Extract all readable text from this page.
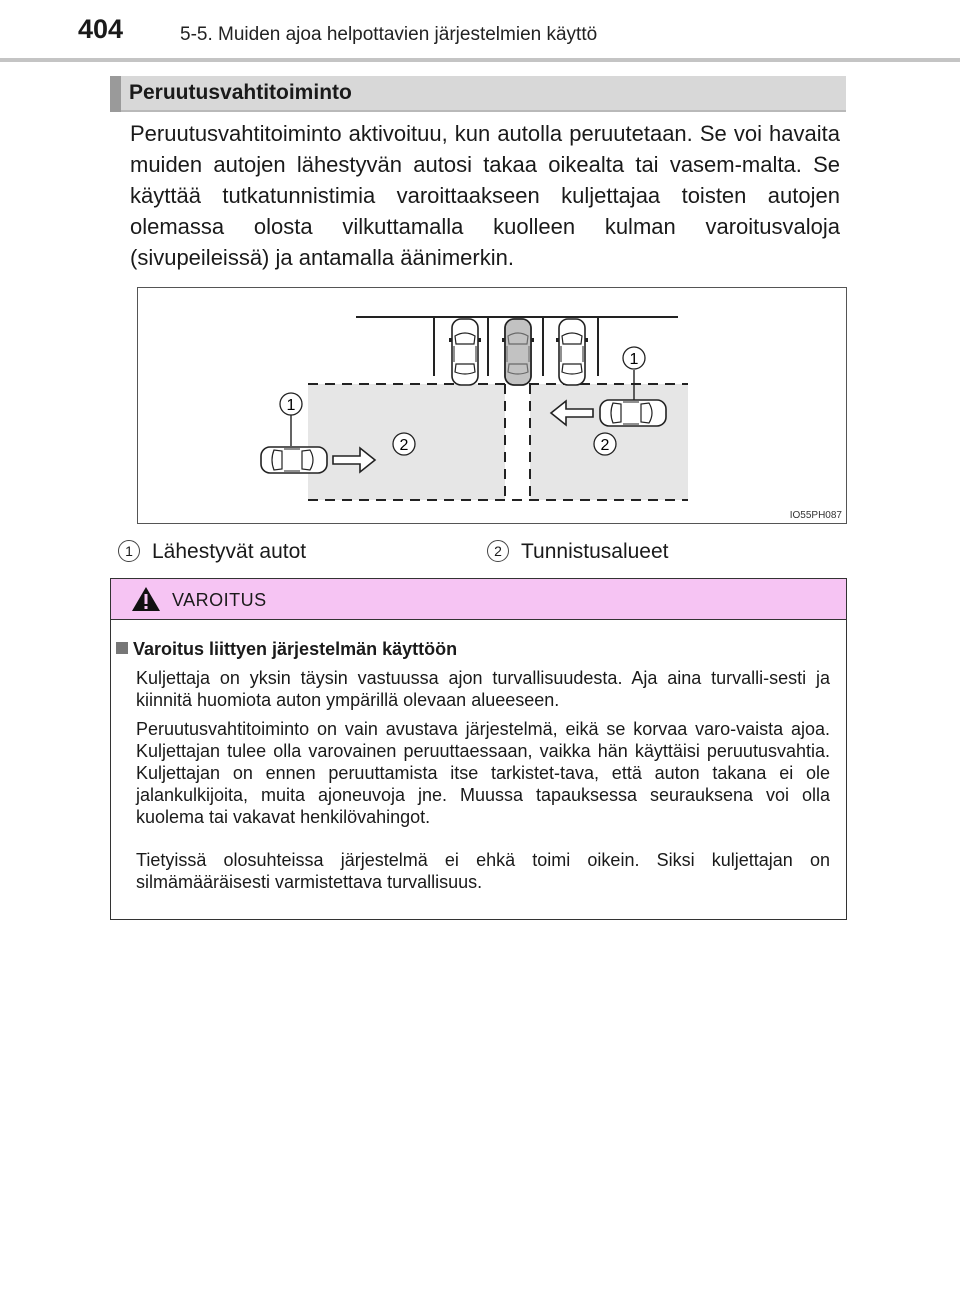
404	5-5. Muiden ajoa helpottavien järjestelmien käyttö
Peruutusvahtitoiminto
Peruutusvahtitoiminto aktivoituu, kun autolla peruutetaan. Se voi havaita muiden autojen lähestyvän autosi takaa oikealta tai vasem-malta. Se käyttää tutkatunnistimia varoittaakseen kuljettajaa toisten autojen olemassa olosta vilkuttamalla kuolleen kulman varoitusvaloja (sivupeileissä) ja antamalla äänimerkin.
1
2
1
2
IO55PH087
1 Lähestyvät autot	2 Tunnistusalueet
VAROITUS
Varoitus liittyen järjestelmän käyttöön
Kuljettaja on yksin täysin vastuussa ajon turvallisuudesta. Aja aina turvalli-sesti ja kiinnitä huomiota auton ympärillä olevaan alueeseen.
Peruutusvahtitoiminto on vain avustava järjestelmä, eikä se korvaa varo-vaista ajoa. Kuljettajan tulee olla varovainen peruuttaessaan, vaikka hän käyttäisi peruutusvahtia. Kuljettajan on ennen peruuttamista itse tarkistet-tava, että auton takana ei ole jalankulkijoita, muita ajoneuvoja jne. Muussa tapauksessa seurauksena voi olla kuolema tai vakavat henkilövahingot.
Tietyissä olosuhteissa järjestelmä ei ehkä toimi oikein. Siksi kuljettajan on silmämääräisesti varmistettava turvallisuus.
